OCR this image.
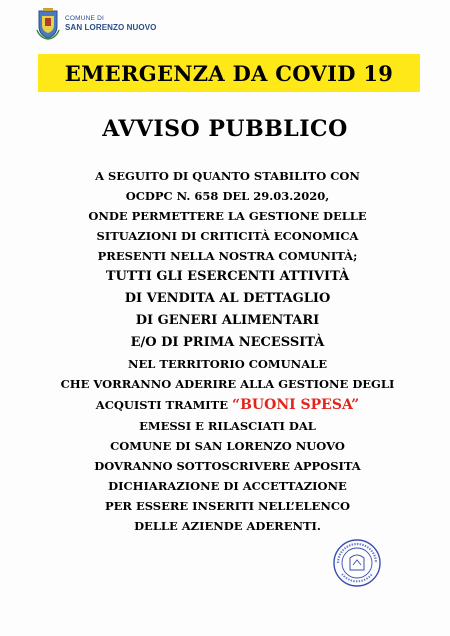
COMUNE DI
SAN LORENZO NUOVO
EMERGENZA DA COVID 19
AVVISO PUBBLICO
A SEGUITO DI QUANTO STABILITO CON
OCDPC N. 658 DEL 29.03.2020,
ONDE PERMETTERE LA GESTIONE DELLE
SITUAZIONI DI CRITICITÀ ECONOMICA
PRESENTI NELLA NOSTRA COMUNITÀ;
TUTTI GLI ESERCENTI ATTIVITÀ
DI VENDITA AL DETTAGLIO
DI GENERI ALIMENTARI
E/O DI PRIMA NECESSITÀ
NEL TERRITORIO COMUNALE
CHE VORRANNO ADERIRE ALLA GESTIONE DEGLI
ACQUISTI TRAMITE “BUONI SPESA”
EMESSI E RILASCIATI DAL
COMUNE DI SAN LORENZO NUOVO
DOVRANNO SOTTOSCRIVERE APPOSITA
DICHIARAZIONE DI ACCETTAZIONE
PER ESSERE INSERITI NELL’ELENCO
DELLE AZIENDE ADERENTI.
